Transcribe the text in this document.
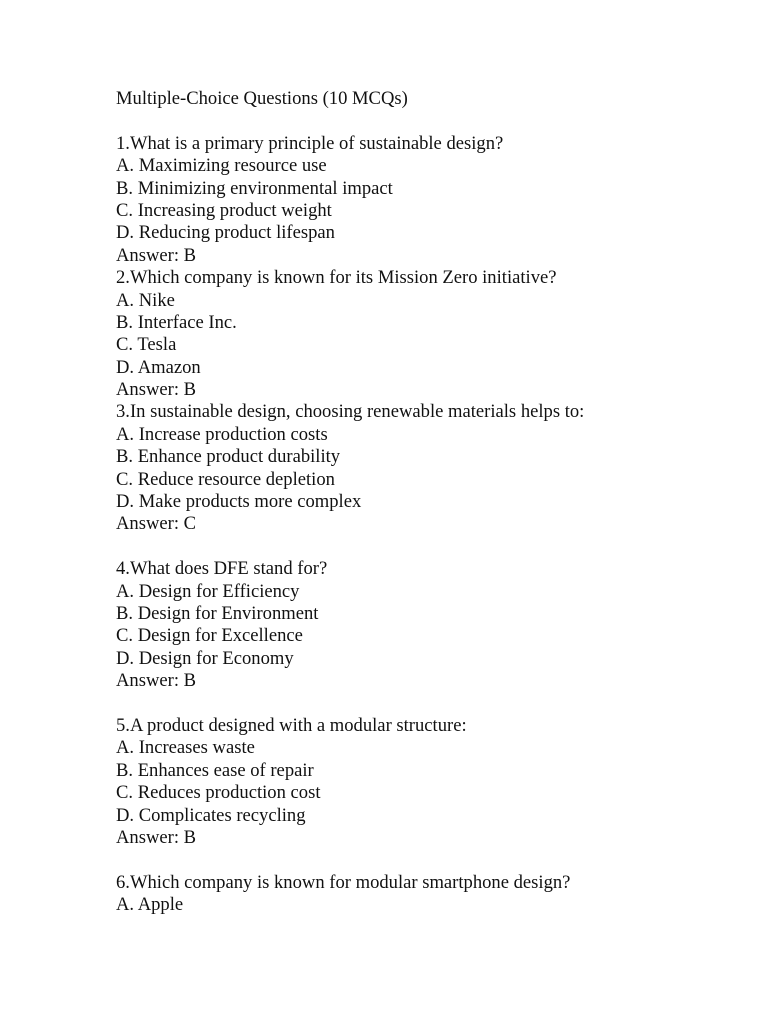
Multiple-Choice Questions (10 MCQs)
1.What is a primary principle of sustainable design?
A. Maximizing resource use
B. Minimizing environmental impact
C. Increasing product weight
D. Reducing product lifespan
Answer: B
2.Which company is known for its Mission Zero initiative?
A. Nike
B. Interface Inc.
C. Tesla
D. Amazon
Answer: B
3.In sustainable design, choosing renewable materials helps to:
A. Increase production costs
B. Enhance product durability
C. Reduce resource depletion
D. Make products more complex
Answer: C
4.What does DFE stand for?
A. Design for Efficiency
B. Design for Environment
C. Design for Excellence
D. Design for Economy
Answer: B
5.A product designed with a modular structure:
A. Increases waste
B. Enhances ease of repair
C. Reduces production cost
D. Complicates recycling
Answer: B
6.Which company is known for modular smartphone design?
A. Apple
